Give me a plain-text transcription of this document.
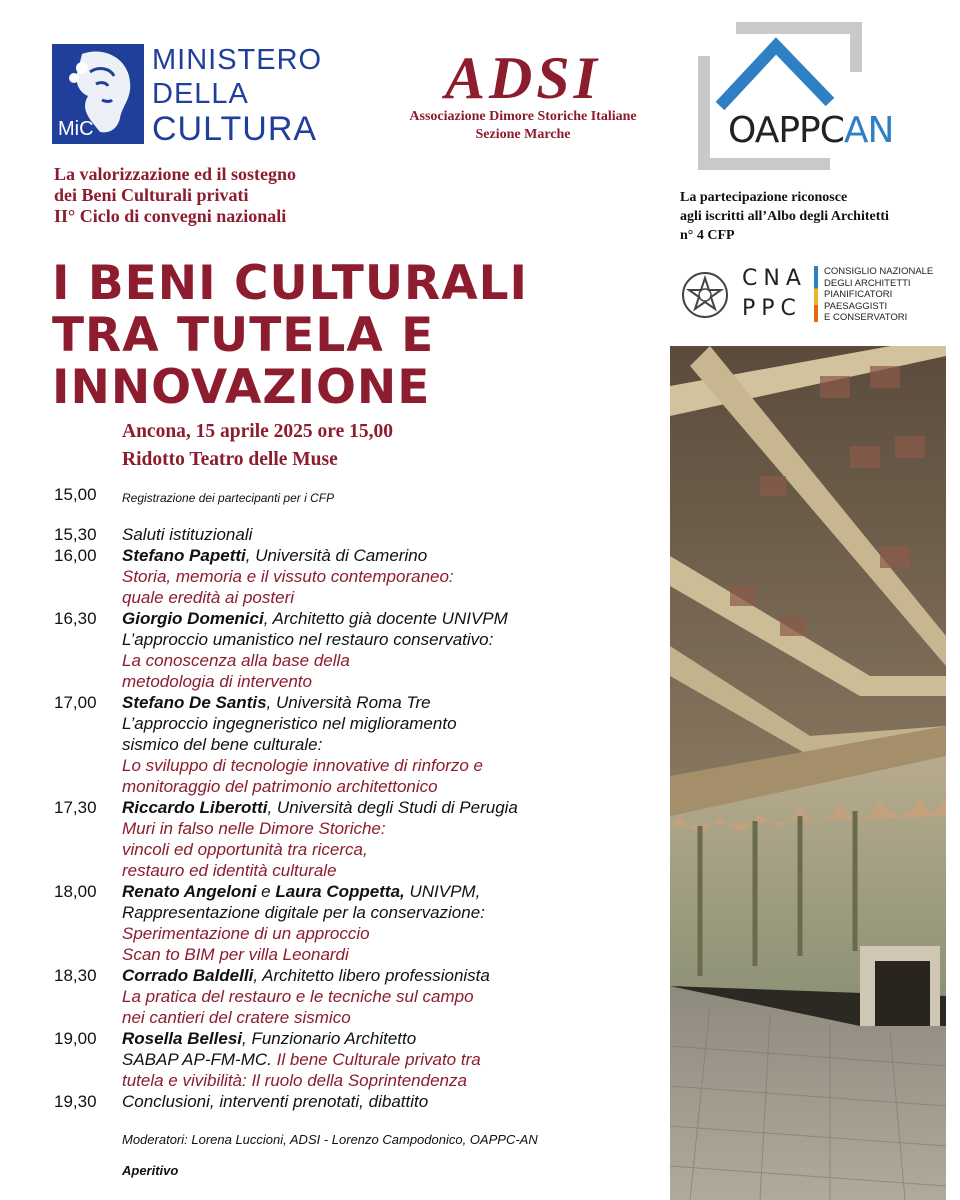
MiC
MINISTERO
DELLA
CULTURA
ADSI
Associazione Dimore Storiche Italiane
Sezione Marche	OAPPCAN
La partecipazione riconosce
agli iscritti all’Albo degli Architetti
n° 4 CFP
CNA
PPC
CONSIGLIO NAZIONALE
DEGLI ARCHITETTI
PIANIFICATORI
PAESAGGISTI
E CONSERVATORI
La valorizzazione ed il sostegno
dei Beni Culturali privati
II° Ciclo di convegni nazionali
I BENI CULTURALI
TRA TUTELA E
INNOVAZIONE
Ancona, 15 aprile 2025 ore 15,00
Ridotto Teatro delle Muse
15,00	Registrazione dei partecipanti per i CFP
15,30	Saluti istituzionali
16,00	Stefano Papetti, Università di Camerino
Storia, memoria e il vissuto contemporaneo:
quale eredità ai posteri
16,30	Giorgio Domenici, Architetto già docente UNIVPM
L’approccio umanistico nel restauro conservativo:
La conoscenza alla base della
metodologia di intervento
17,00	Stefano De Santis, Università Roma Tre
L’approccio ingegneristico nel miglioramento
sismico del bene culturale:
Lo sviluppo di tecnologie innovative di rinforzo e
monitoraggio del patrimonio architettonico
17,30	Riccardo Liberotti, Università degli Studi di Perugia
Muri in falso nelle Dimore Storiche:
vincoli ed opportunità tra ricerca,
restauro ed identità culturale
18,00	Renato Angeloni e Laura Coppetta, UNIVPM,
Rappresentazione digitale per la conservazione:
Sperimentazione di un approccio
Scan to BIM per villa Leonardi
18,30	Corrado Baldelli, Architetto libero professionista
La pratica del restauro e le tecniche sul campo
nei cantieri del cratere sismico
19,00	Rosella Bellesi, Funzionario Architetto
SABAP AP-FM-MC. Il bene Culturale privato tra
tutela e vivibilità: Il ruolo della Soprintendenza
19,30	Conclusioni, interventi prenotati, dibattito
Moderatori: Lorena Luccioni, ADSI - Lorenzo Campodonico, OAPPC-AN
Aperitivo
